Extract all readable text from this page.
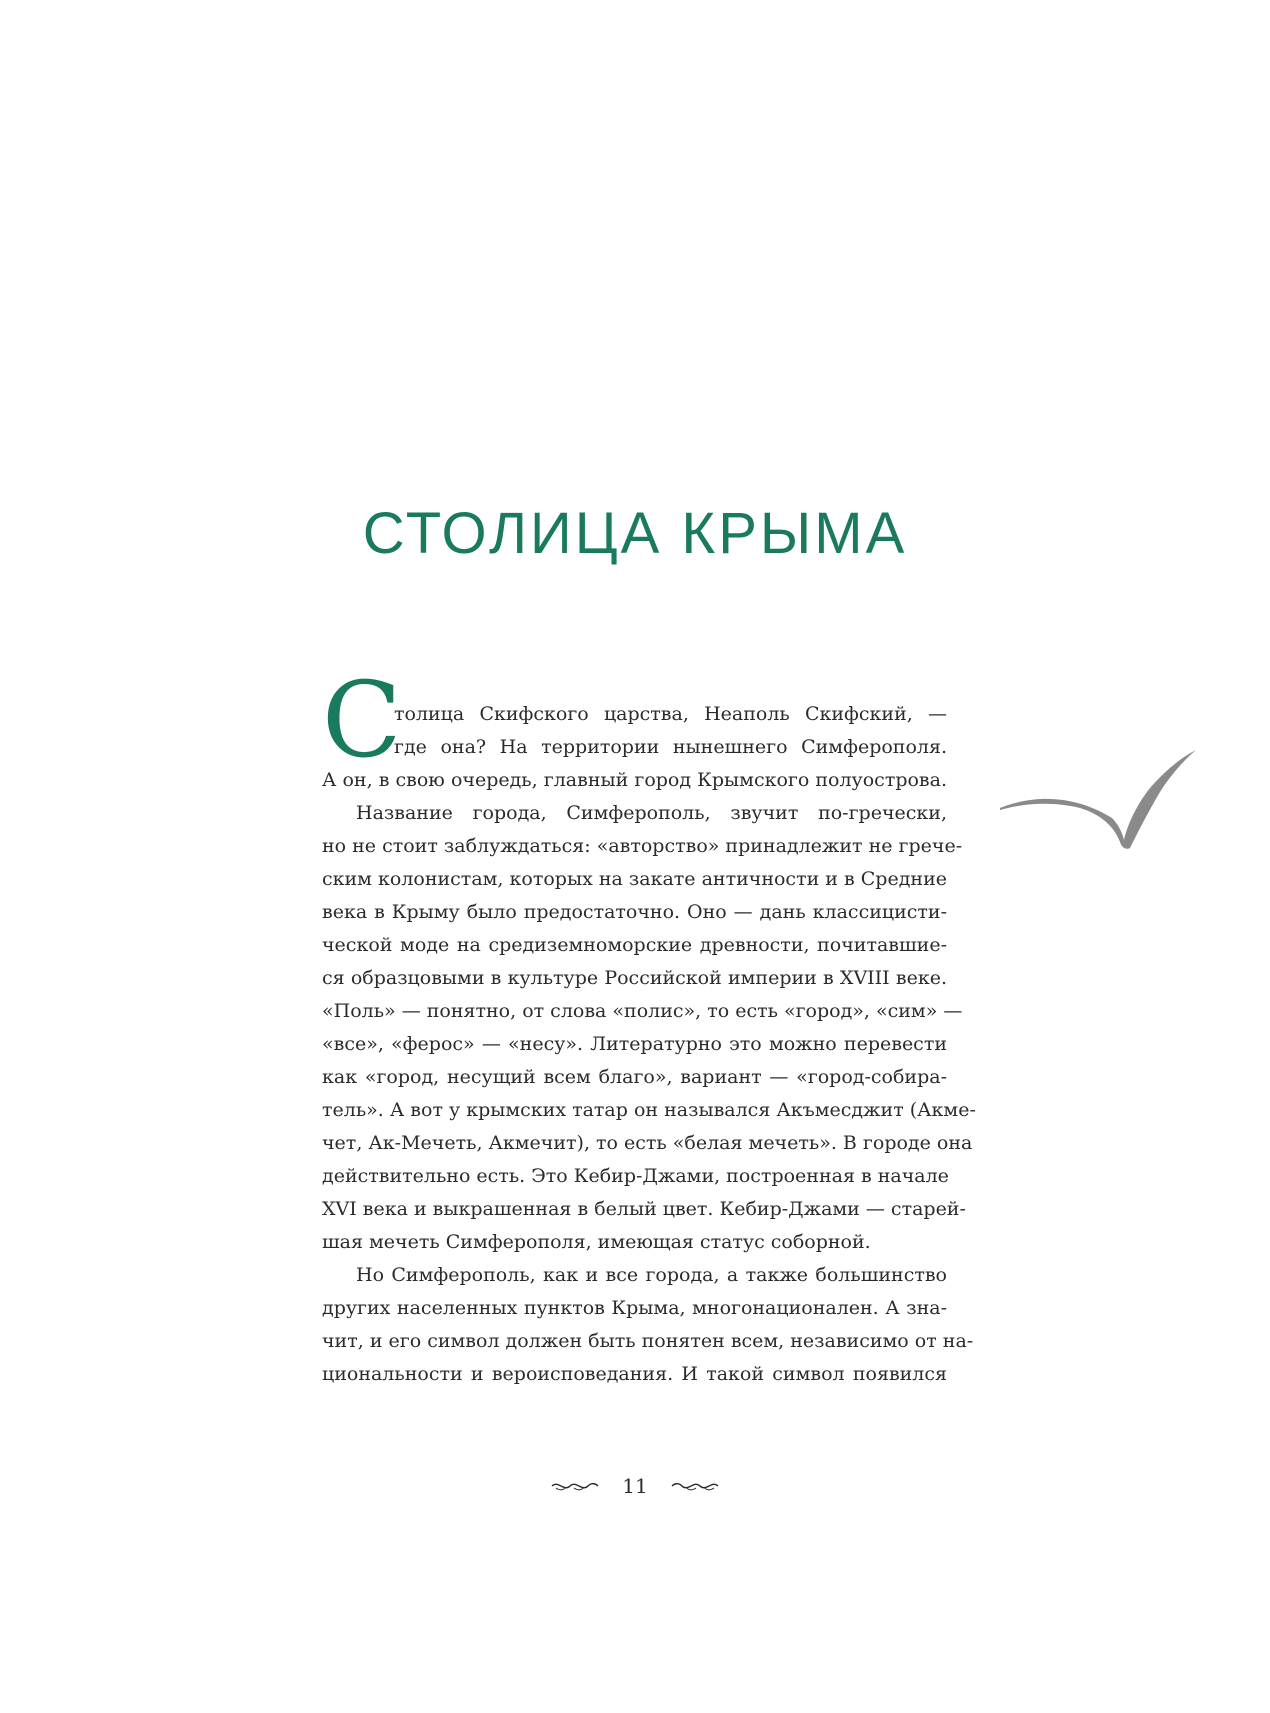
СТОЛИЦА КРЫМА
С

толица Скифского царства, Неаполь Скифский, —
где она? На территории нынешнего Симферополя.
А он, в свою очередь, главный город Крымского полуострова.

Название города, Симферополь, звучит по-гречески,
но не стоит заблуждаться: «авторство» принадлежит не грече-
ским колонистам, которых на закате античности и в Средние
века в Крыму было предостаточно. Оно — дань классицисти-
ческой моде на средиземноморские древности, почитавшие-
ся образцовыми в культуре Российской империи в XVIII веке.
«Поль» — понятно, от слова «полис», то есть «город», «сим» —
«все», «ферос» — «несу». Литературно это можно перевести
как «город, несущий всем благо», вариант — «город-собира-
тель». А вот у крымских татар он назывался Акъмесджит (Акме-
чет, Ак-Мечеть, Акмечит), то есть «белая мечеть». В городе она
действительно есть. Это Кебир-Джами, построенная в начале
XVI века и выкрашенная в белый цвет. Кебир-Джами — старей-
шая мечеть Симферополя, имеющая статус соборной.

Но Симферополь, как и все города, а также большинство
других населенных пунктов Крыма, многонационален. А зна-
чит, и его символ должен быть понятен всем, независимо от на-
циональности и вероисповедания. И такой символ появился

11
